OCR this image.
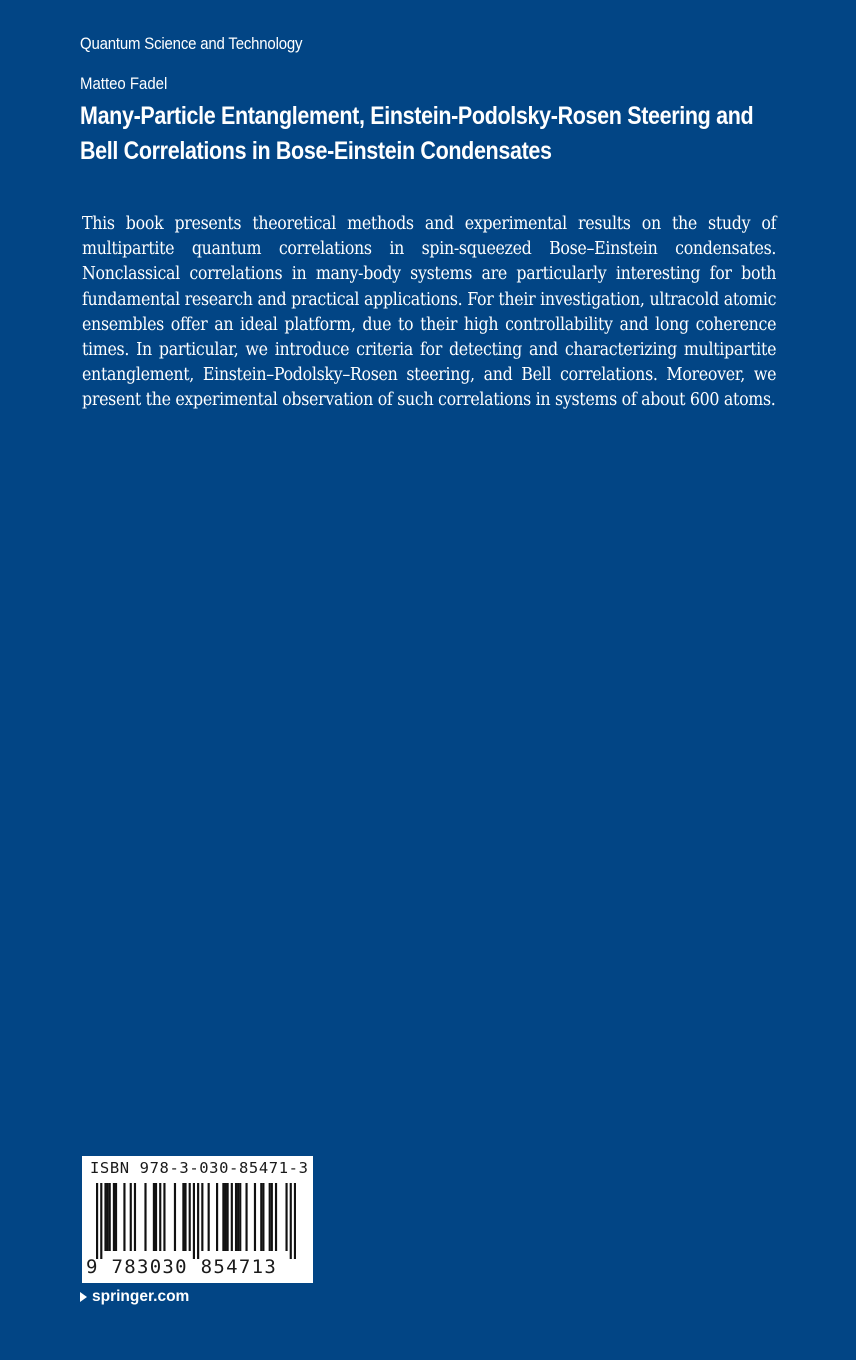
Quantum Science and Technology
Matteo Fadel
Many-Particle Entanglement, Einstein-Podolsky-Rosen Steering and
Bell Correlations in Bose-Einstein Condensates
This book presents theoretical methods and experimental results on the study of multipartite quantum correlations in spin-squeezed Bose–Einstein condensates. Nonclassical correlations in many-body systems are particularly interesting for both fundamental research and practical applications. For their investigation, ultracold atomic ensembles offer an ideal platform, due to their high controllability and long coherence times. In particular, we introduce criteria for detecting and characterizing multipartite entanglement, Einstein–Podolsky–Rosen steering, and Bell correlations. Moreover, we present the experimental observation of such correlations in systems of about 600 atoms.
ISBN 978-3-030-85471-3
9 783030 854713
springer.com
